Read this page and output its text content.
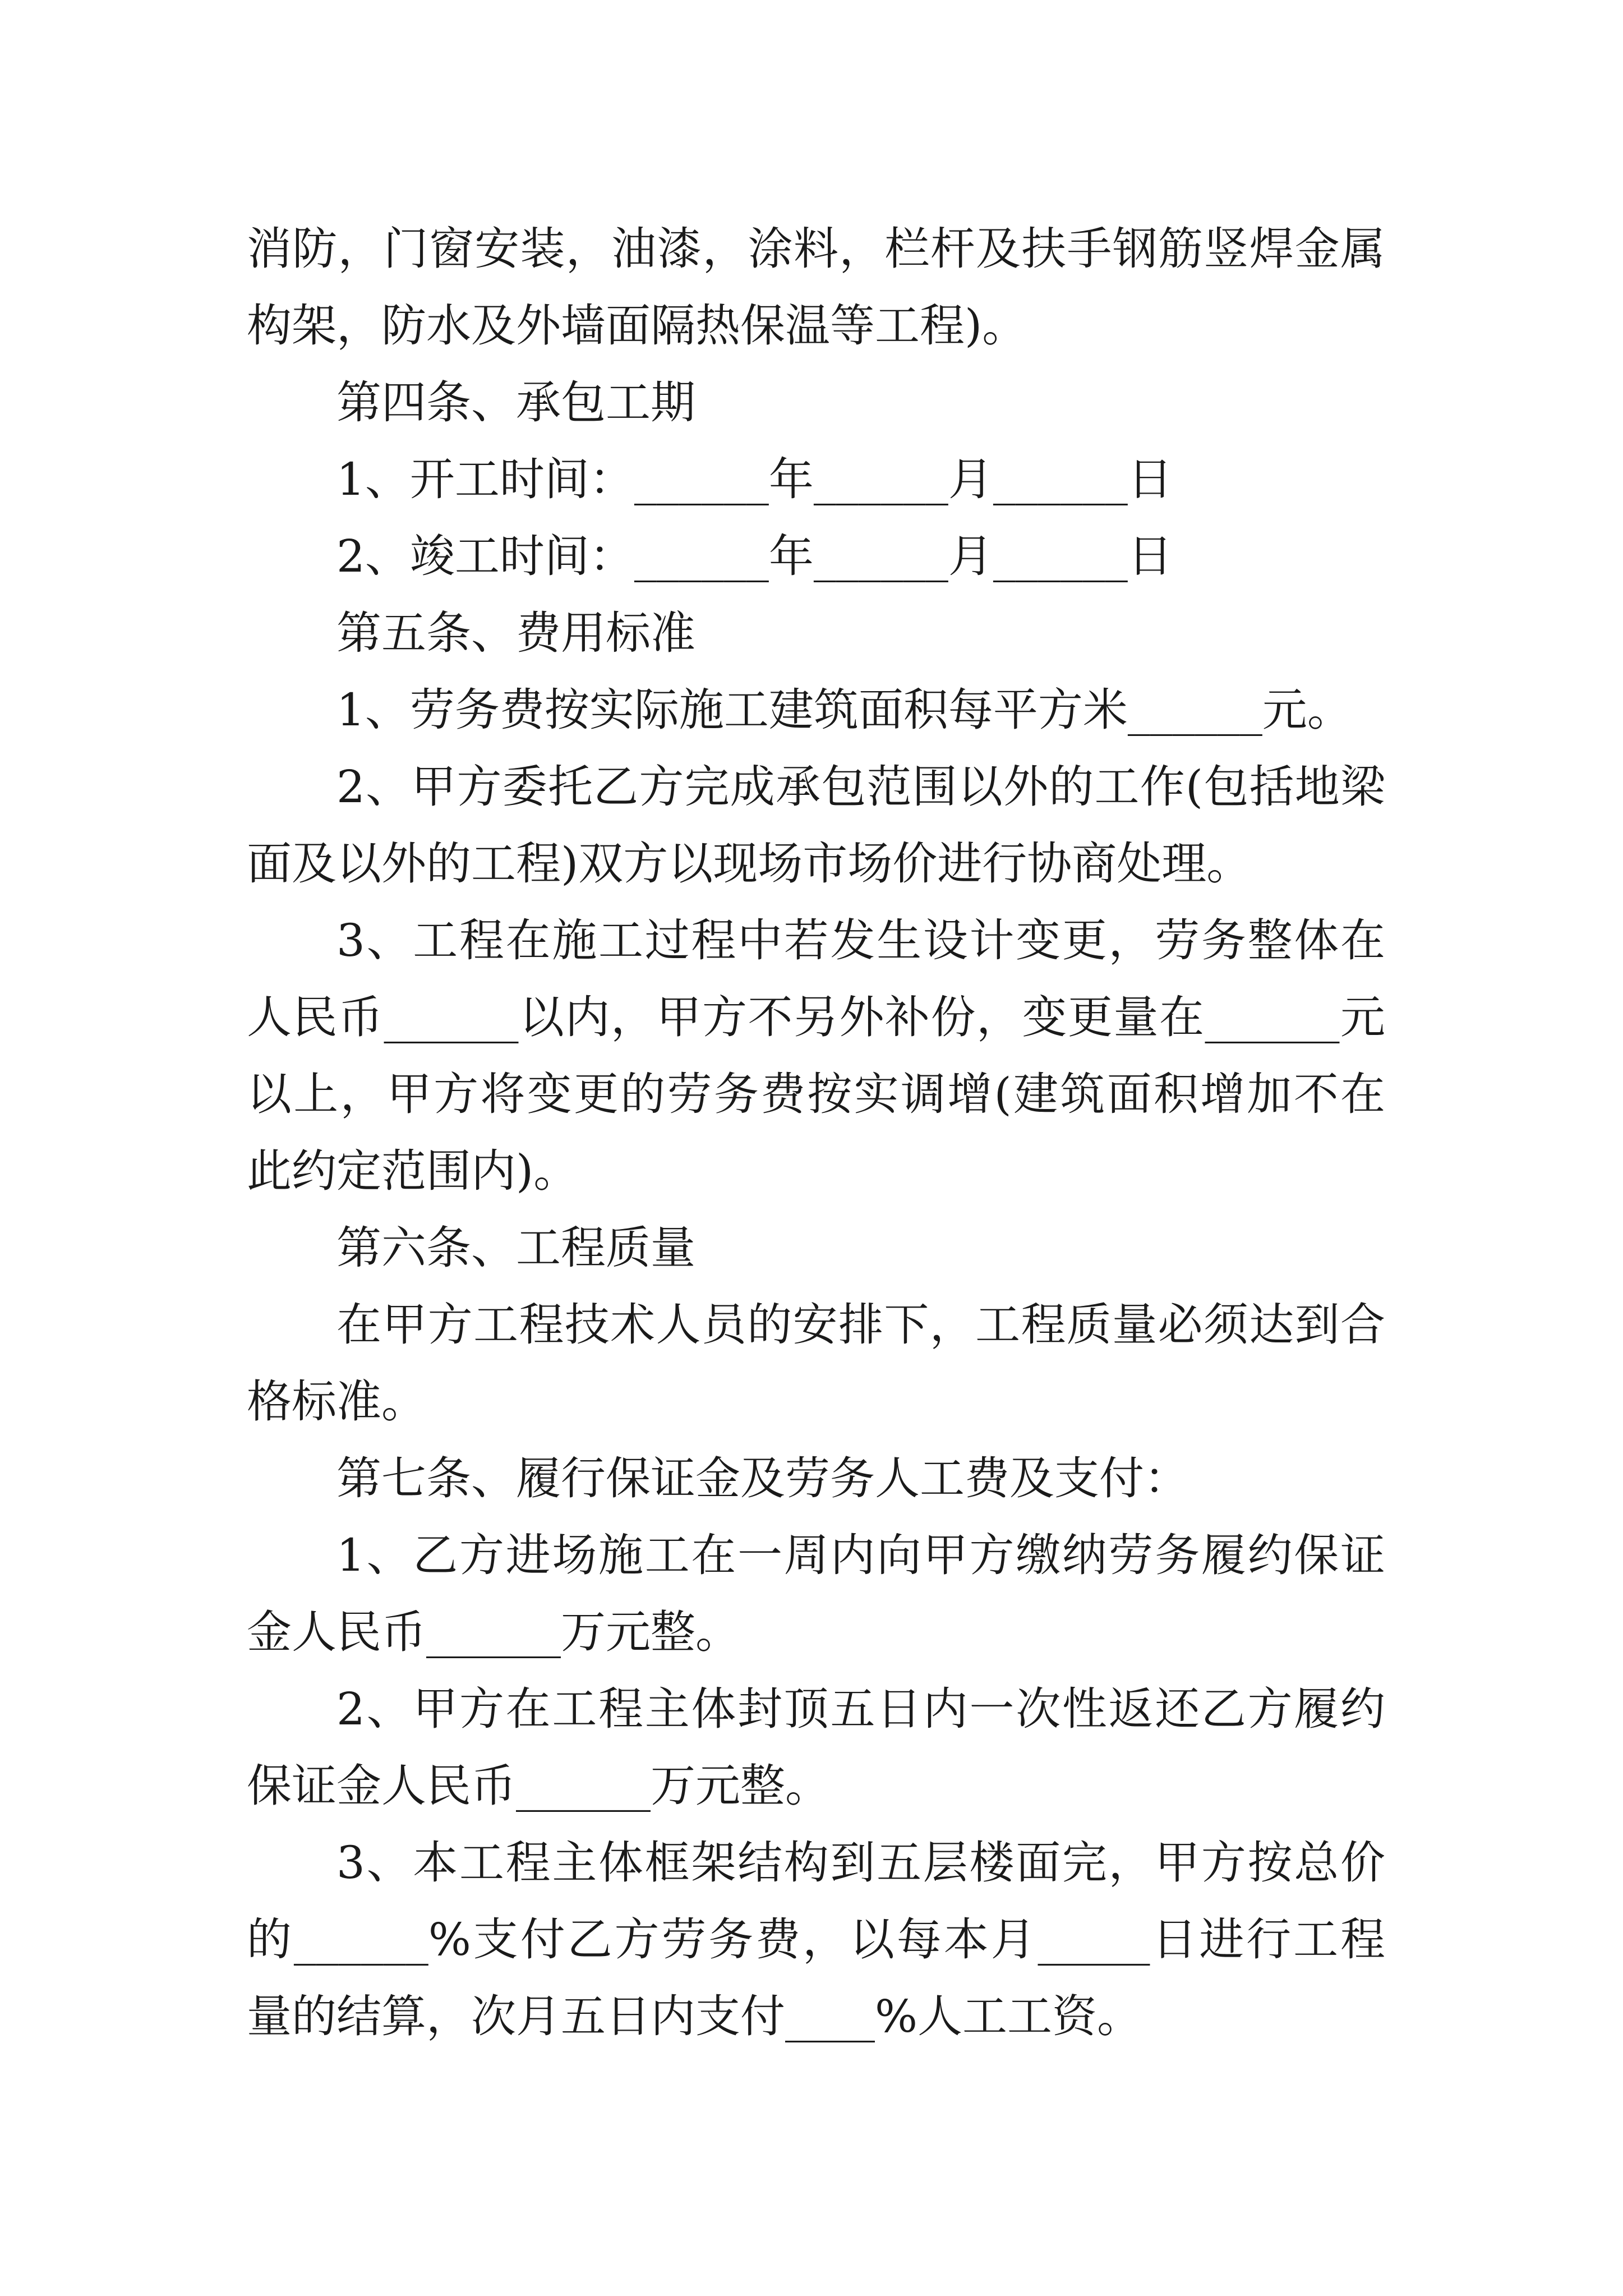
消防，门窗安装，油漆，涂料，栏杆及扶手钢筋竖焊金属构架，防水及外墙面隔热保温等工程)。

第四条、承包工期

1、开工时间：______年______月______日

2、竣工时间：______年______月______日

第五条、费用标准

1、劳务费按实际施工建筑面积每平方米______元。

2、甲方委托乙方完成承包范围以外的工作(包括地梁面及以外的工程)双方以现场市场价进行协商处理。

3、工程在施工过程中若发生设计变更，劳务整体在人民币______以内，甲方不另外补份，变更量在______元以上，甲方将变更的劳务费按实调增(建筑面积增加不在此约定范围内)。

第六条、工程质量

在甲方工程技术人员的安排下，工程质量必须达到合格标准。

第七条、履行保证金及劳务人工费及支付：

1、乙方进场施工在一周内向甲方缴纳劳务履约保证金人民币______万元整。

2、甲方在工程主体封顶五日内一次性返还乙方履约保证金人民币______万元整。

3、本工程主体框架结构到五层楼面完，甲方按总价的______%支付乙方劳务费，以每本月_____日进行工程量的结算，次月五日内支付____%人工工资。
